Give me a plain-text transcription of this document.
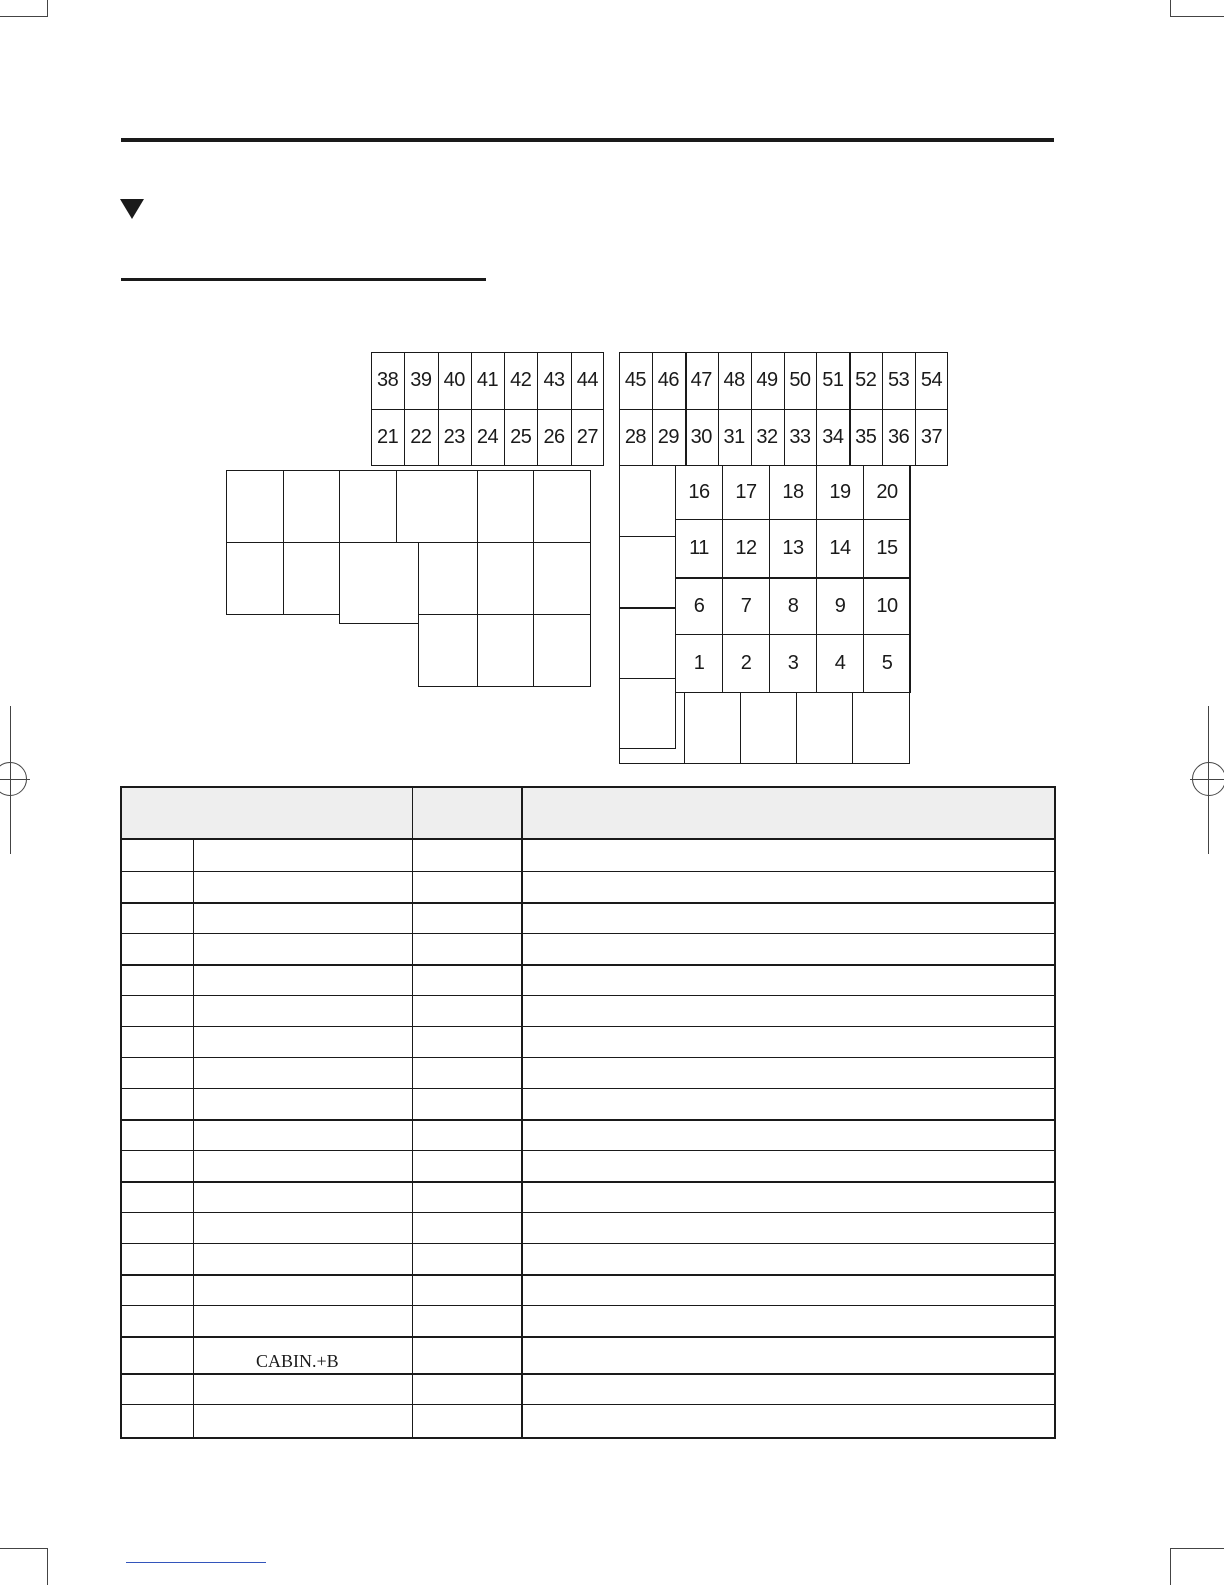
CABIN.+B
38 39 40 41 42 43 44
21 22 23 24 25 26 27
45 46 47 48 49 50 51 52 53 54
28 29 30 31 32 33 34 35 36 37
16	17	18	19	20
11	12	13	14	15
6	7	8	9	10
1	2	3	4	5
